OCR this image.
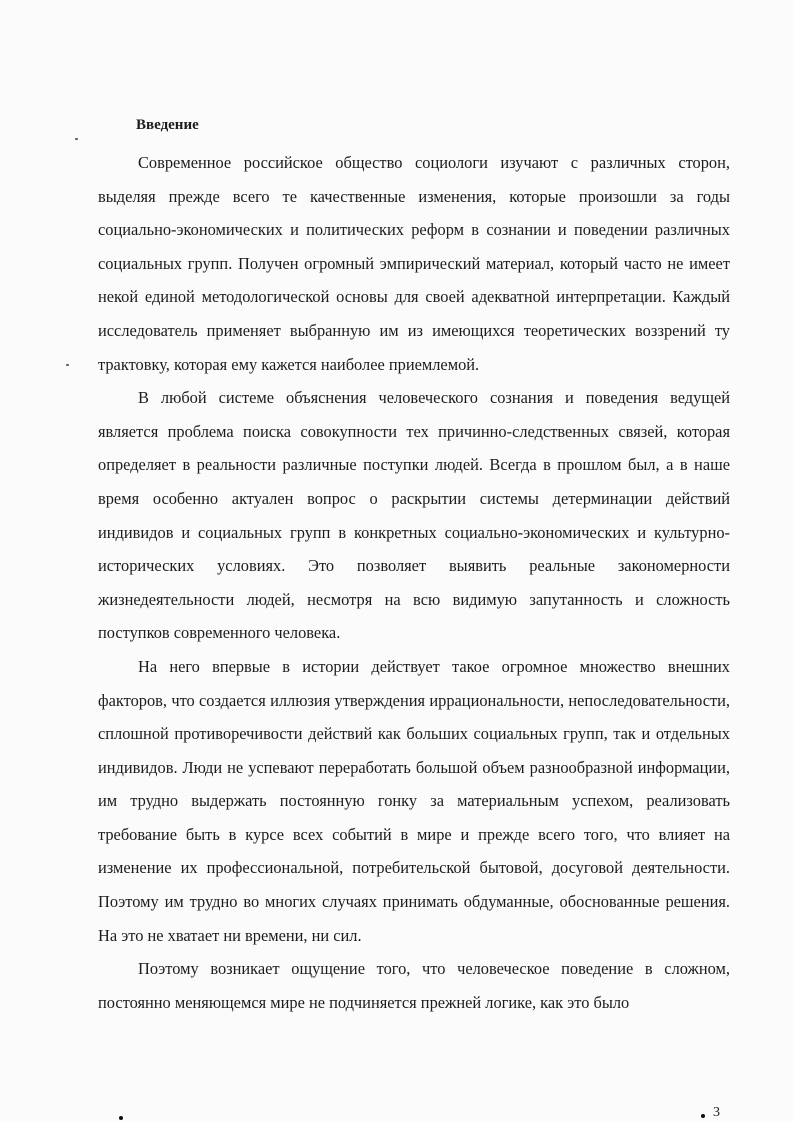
Введение

Современное российское общество социологи изучают с различных сторон, выделяя прежде всего те качественные изменения, которые произошли за годы социально-экономических и политических реформ в сознании и поведении различных социальных групп. Получен огромный эмпирический материал, который часто не имеет некой единой методологической основы для своей адекватной интерпретации. Каждый исследователь применяет выбранную им из имеющихся теоретических воззрений ту трактовку, которая ему кажется наиболее приемлемой.

В любой системе объяснения человеческого сознания и поведения ведущей является проблема поиска совокупности тех причинно-следственных связей, которая определяет в реальности различные поступки людей. Всегда в прошлом был, а в наше время особенно актуален вопрос о раскрытии системы детерминации действий индивидов и социальных групп в конкретных социально-экономических и культурно-исторических условиях. Это позволяет выявить реальные закономерности жизнедеятельности людей, несмотря на всю видимую запутанность и сложность поступков современного человека.

На него впервые в истории действует такое огромное множество внешних факторов, что создается иллюзия утверждения иррациональности, непоследовательности, сплошной противоречивости действий как больших социальных групп, так и отдельных индивидов. Люди не успевают переработать большой объем разнообразной информации, им трудно выдержать постоянную гонку за материальным успехом, реализовать требование быть в курсе всех событий в мире и прежде всего того, что влияет на изменение их профессиональной, потребительской бытовой, досуговой деятельности. Поэтому им трудно во многих случаях принимать обдуманные, обоснованные решения. На это не хватает ни времени, ни сил.

Поэтому возникает ощущение того, что человеческое поведение в сложном, постоянно меняющемся мире не подчиняется прежней логике, как это было

3
